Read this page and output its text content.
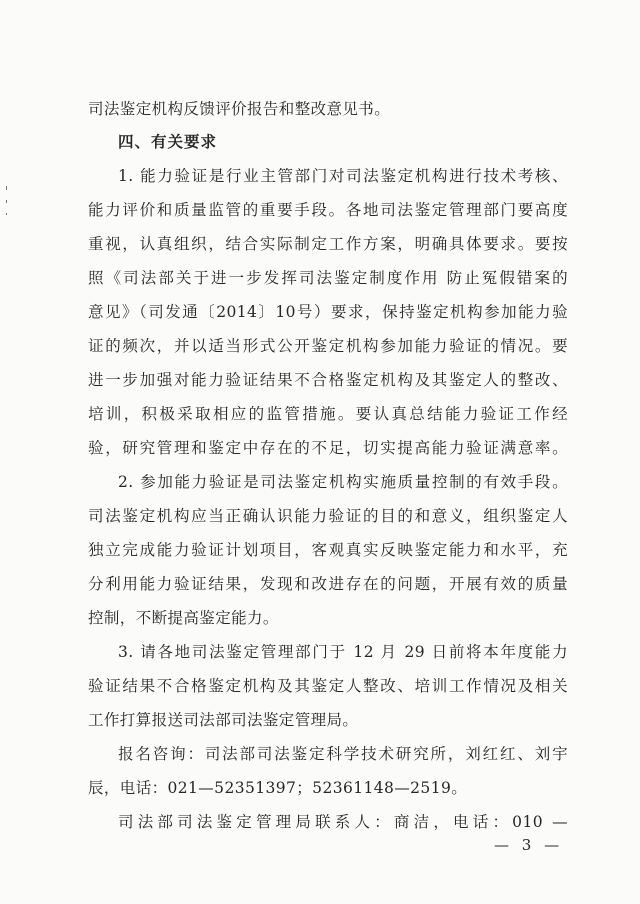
司法鉴定机构反馈评价报告和整改意见书。
四、有关要求
1. 能力验证是行业主管部门对司法鉴定机构进行技术考核、
能力评价和质量监管的重要手段。各地司法鉴定管理部门要高度
重视，认真组织，结合实际制定工作方案，明确具体要求。要按
照《司法部关于进一步发挥司法鉴定制度作用 防止冤假错案的
意见》（司发通〔2014〕10号）要求，保持鉴定机构参加能力验
证的频次，并以适当形式公开鉴定机构参加能力验证的情况。要
进一步加强对能力验证结果不合格鉴定机构及其鉴定人的整改、
培训，积极采取相应的监管措施。要认真总结能力验证工作经
验，研究管理和鉴定中存在的不足，切实提高能力验证满意率。
2. 参加能力验证是司法鉴定机构实施质量控制的有效手段。
司法鉴定机构应当正确认识能力验证的目的和意义，组织鉴定人
独立完成能力验证计划项目，客观真实反映鉴定能力和水平，充
分利用能力验证结果，发现和改进存在的问题，开展有效的质量
控制，不断提高鉴定能力。
3. 请各地司法鉴定管理部门于 12 月 29 日前将本年度能力
验证结果不合格鉴定机构及其鉴定人整改、培训工作情况及相关
工作打算报送司法部司法鉴定管理局。
报名咨询：司法部司法鉴定科学技术研究所，刘红红、刘宇
辰，电话：021—52351397；52361148—2519。
司法部司法鉴定管理局联系人：商洁，电话：010 —
— 3 —
